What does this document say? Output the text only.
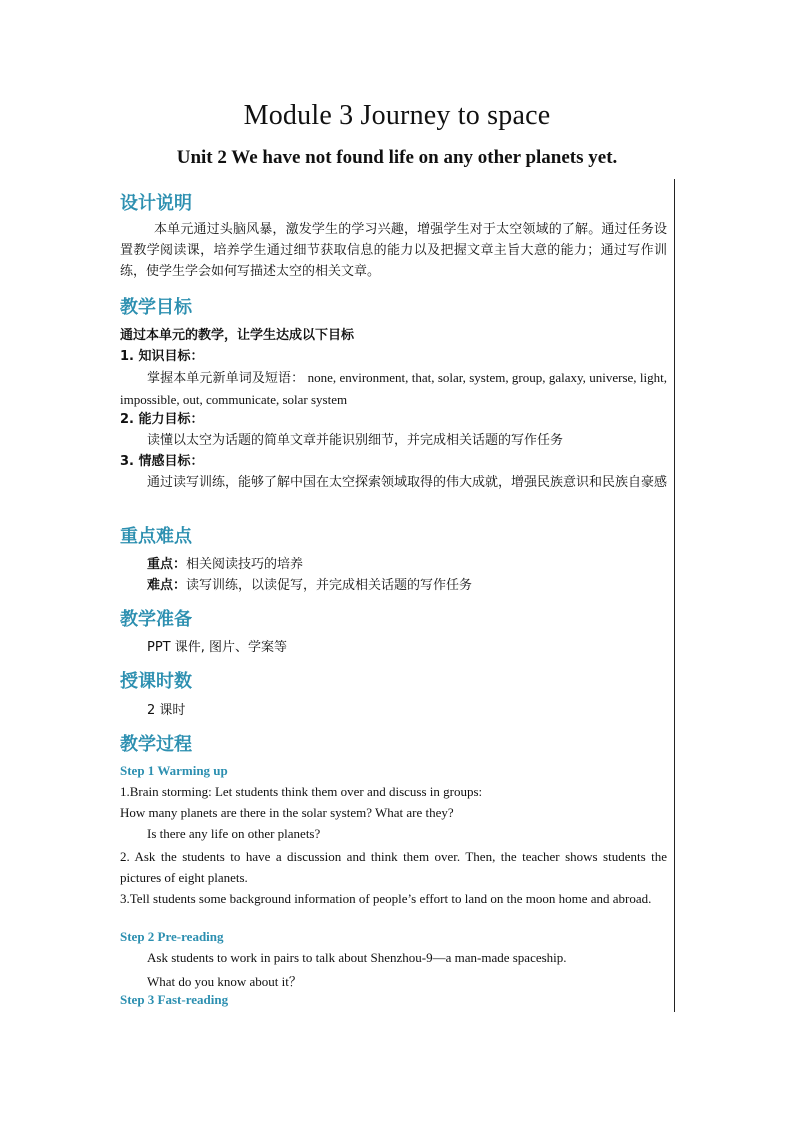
Module 3 Journey to space
Unit 2 We have not found life on any other planets yet.
设计说明
本单元通过头脑风暴，激发学生的学习兴趣，增强学生对于太空领域的了解。通过任务设置教学阅读课，培养学生通过细节获取信息的能力以及把握文章主旨大意的能力；通过写作训练，使学生学会如何写描述太空的相关文章。
教学目标
通过本单元的教学，让学生达成以下目标
1. 知识目标：
掌握本单元新单词及短语： none, environment, that, solar, system, group, galaxy, universe, light, impossible, out, communicate, solar system
2. 能力目标：
读懂以太空为话题的简单文章并能识别细节，并完成相关话题的写作任务
3. 情感目标：
通过读写训练，能够了解中国在太空探索领域取得的伟大成就，增强民族意识和民族自豪感
重点难点
重点：相关阅读技巧的培养
难点：读写训练，以读促写，并完成相关话题的写作任务
教学准备
PPT 课件, 图片、学案等
授课时数
2 课时
教学过程
Step 1 Warming up
1.Brain storming: Let students think them over and discuss in groups:
How many planets are there in the solar system? What are they?
Is there any life on other planets?
2. Ask the students to have a discussion and think them over. Then, the teacher shows students the pictures of eight planets.
3.Tell students some background information of people’s effort to land on the moon home and abroad.
Step 2 Pre-reading
Ask students to work in pairs to talk about Shenzhou-9—a man-made spaceship.
What do you know about it？
Step 3 Fast-reading
